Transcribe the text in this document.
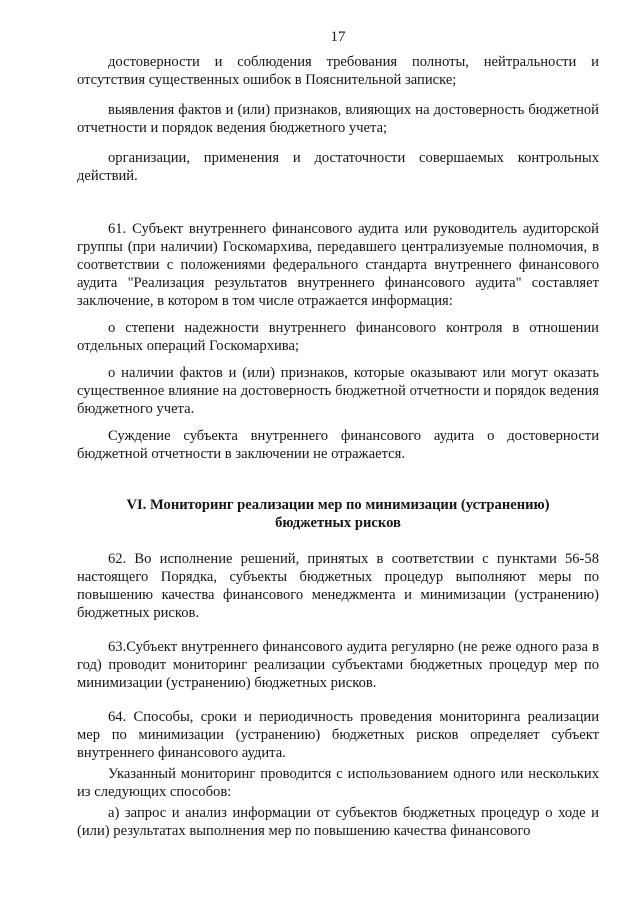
17

достоверности и соблюдения требования полноты, нейтральности и отсутствия существенных ошибок в Пояснительной записке;

выявления фактов и (или) признаков, влияющих на достоверность бюджетной отчетности и порядок ведения бюджетного учета;

организации, применения и достаточности совершаемых контрольных действий.

61. Субъект внутреннего финансового аудита или руководитель аудиторской группы (при наличии) Госкомархива, передавшего централизуемые полномочия, в соответствии с положениями федерального стандарта внутреннего финансового аудита "Реализация результатов внутреннего финансового аудита" составляет заключение, в котором в том числе отражается информация:

о степени надежности внутреннего финансового контроля в отношении отдельных операций Госкомархива;

о наличии фактов и (или) признаков, которые оказывают или могут оказать существенное влияние на достоверность бюджетной отчетности и порядок ведения бюджетного учета.

Суждение субъекта внутреннего финансового аудита о достоверности бюджетной отчетности в заключении не отражается.

VI. Мониторинг реализации мер по минимизации (устранению)
бюджетных рисков

62. Во исполнение решений, принятых в соответствии с пунктами 56-58 настоящего Порядка, субъекты бюджетных процедур выполняют меры по повышению качества финансового менеджмента и минимизации (устранению) бюджетных рисков.

63.Субъект внутреннего финансового аудита регулярно (не реже одного раза в год) проводит мониторинг реализации субъектами бюджетных процедур мер по минимизации (устранению) бюджетных рисков.

64. Способы, сроки и периодичность проведения мониторинга реализации мер по минимизации (устранению) бюджетных рисков определяет субъект внутреннего финансового аудита.

Указанный мониторинг проводится с использованием одного или нескольких из следующих способов:

а) запрос и анализ информации от субъектов бюджетных процедур о ходе и (или) результатах выполнения мер по повышению качества финансового
